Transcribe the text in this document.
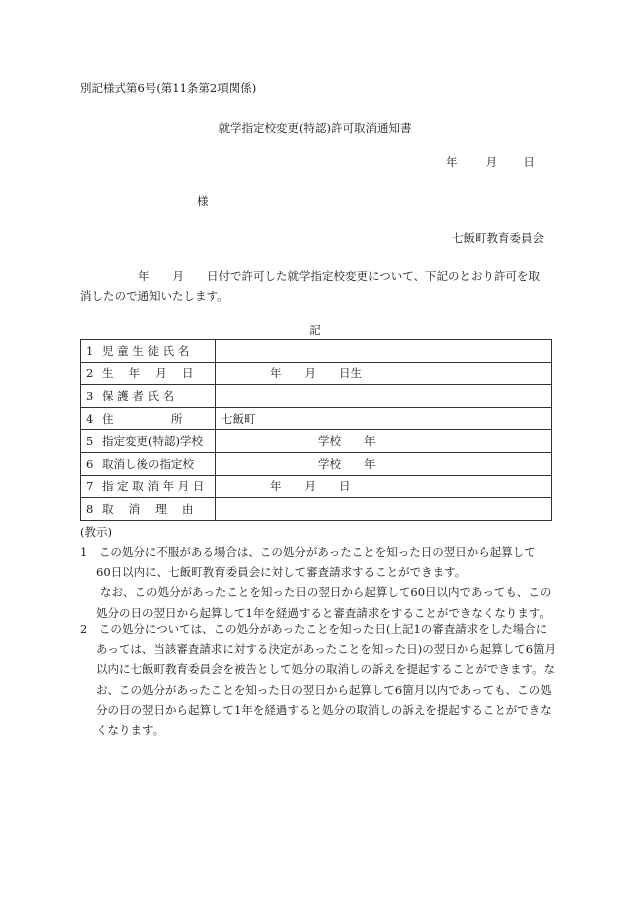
別記様式第6号(第11条第2項関係)
就学指定校変更(特認)許可取消通知書
年 月 日
様
七飯町教育委員会
年　　月　　日付で許可した就学指定校変更について、下記のとおり許可を取
消したので通知いたします。
記
1 児 童 生 徒 氏 名	
2 生　 年　 月　 日	年　　月　　日生
3 保 護 者 氏 名	
4 住　　　　　所	七飯町
5 指定変更(特認)学校	学校　　年
6 取消し後の指定校	学校　　年
7 指 定 取 消 年 月 日	年　　月　　日
8 取　 消　 理　 由	
(教示)
1　この処分に不服がある場合は、この処分があったことを知った日の翌日から起算して
60日以内に、七飯町教育委員会に対して審査請求することができます。
なお、この処分があったことを知った日の翌日から起算して60日以内であっても、この
処分の日の翌日から起算して1年を経過すると審査請求をすることができなくなります。
2　この処分については、この処分があったことを知った日(上記1の審査請求をした場合に
あっては、当該審査請求に対する決定があったことを知った日)の翌日から起算して6箇月
以内に七飯町教育委員会を被告として処分の取消しの訴えを提起することができます。な
お、この処分があったことを知った日の翌日から起算して6箇月以内であっても、この処
分の日の翌日から起算して1年を経過すると処分の取消しの訴えを提起することができな
くなります。
